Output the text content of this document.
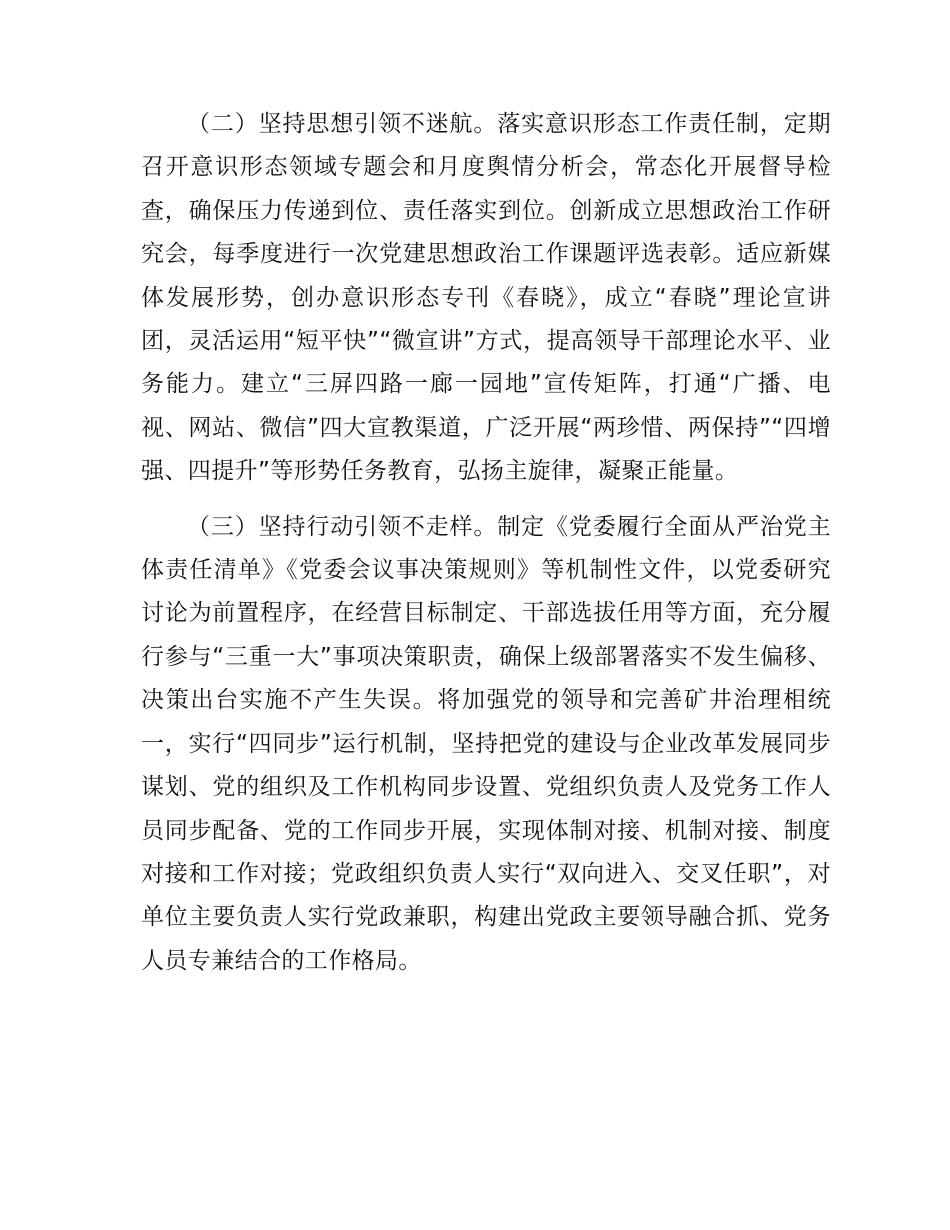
（二）坚持思想引领不迷航。落实意识形态工作责任制，定期召开意识形态领域专题会和月度舆情分析会，常态化开展督导检查，确保压力传递到位、责任落实到位。创新成立思想政治工作研究会，每季度进行一次党建思想政治工作课题评选表彰。适应新媒体发展形势，创办意识形态专刊《春晓》，成立“春晓”理论宣讲团，灵活运用“短平快”“微宣讲”方式，提高领导干部理论水平、业务能力。建立“三屏四路一廊一园地”宣传矩阵，打通“广播、电视、网站、微信”四大宣教渠道，广泛开展“两珍惜、两保持”“四增强、四提升”等形势任务教育，弘扬主旋律，凝聚正能量。

（三）坚持行动引领不走样。制定《党委履行全面从严治党主体责任清单》《党委会议事决策规则》等机制性文件，以党委研究讨论为前置程序，在经营目标制定、干部选拔任用等方面，充分履行参与“三重一大”事项决策职责，确保上级部署落实不发生偏移、决策出台实施不产生失误。将加强党的领导和完善矿井治理相统一，实行“四同步”运行机制，坚持把党的建设与企业改革发展同步谋划、党的组织及工作机构同步设置、党组织负责人及党务工作人员同步配备、党的工作同步开展，实现体制对接、机制对接、制度对接和工作对接；党政组织负责人实行“双向进入、交叉任职”，对单位主要负责人实行党政兼职，构建出党政主要领导融合抓、党务人员专兼结合的工作格局。
